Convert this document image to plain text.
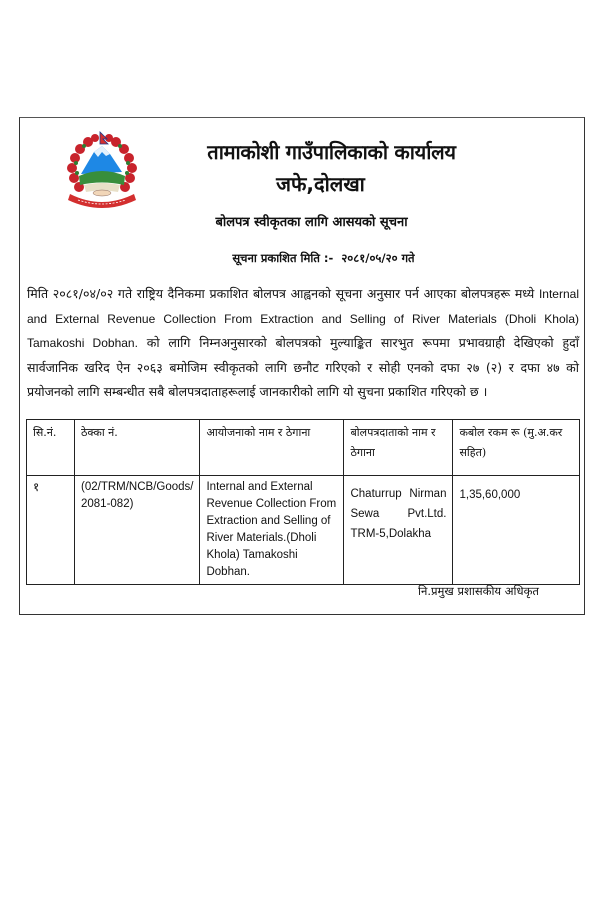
तामाकोशी गाउँपालिकाको कार्यालय
जफे,दोलखा
बोलपत्र स्वीकृतका लागि आसयको सूचना
सूचना प्रकाशित मिति :- २०८१/०५/२० गते
मिति २०८१/०४/०२ गते राष्ट्रिय दैनिकमा प्रकाशित बोलपत्र आह्वनको सूचना अनुसार पर्न आएका बोलपत्रहरू मध्ये Internal and External Revenue Collection From Extraction and Selling of River Materials (Dholi Khola) Tamakoshi Dobhan. को लागि निम्नअनुसारको बोलपत्रको मुल्याङ्कित सारभुत रूपमा प्रभावग्राही देखिएको हुदाँ सार्वजानिक खरिद ऐन २०६३ बमोजिम स्वीकृतको लागि छनौट गरिएको र सोही एनको दफा २७ (२) र दफा ४७ को प्रयोजनको लागि सम्बन्धीत सबै बोलपत्रदाताहरूलाई जानकारीको लागि यो सुचना प्रकाशित गरिएको छ ।
सि.नं.	ठेक्का नं.	आयोजनाको नाम र ठेगाना	बोलपत्रदाताको नाम र ठेगाना	कबोल रकम रू (मु.अ.कर सहित)
१	(02/TRM/NCB/Goods/ 2081-082)	Internal and External Revenue Collection From Extraction and Selling of River Materials.(Dholi Khola) Tamakoshi Dobhan.	Chaturrup Nirman Sewa Pvt.Ltd. TRM-5,Dolakha	1,35,60,000
नि.प्रमुख प्रशासकीय अधिकृत
